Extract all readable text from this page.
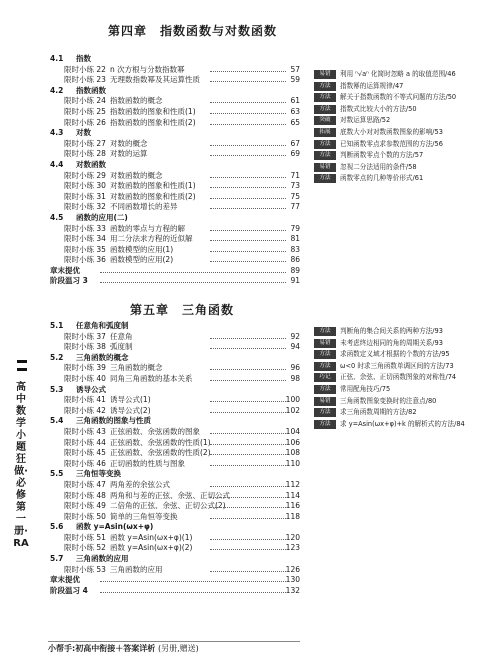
高中数学小题狂做·必修第一册·RA
第四章　指数函数与对数函数
4.1 指数
限时小练 22 n 次方根与分数指数幂	57
限时小练 23 无理数指数幂及其运算性质	59
4.2 指数函数
限时小练 24 指数函数的概念	61
限时小练 25 指数函数的图象和性质(1)	63
限时小练 26 指数函数的图象和性质(2)	65
4.3 对数
限时小练 27 对数的概念	67
限时小练 28 对数的运算	69
4.4 对数函数
限时小练 29 对数函数的概念	71
限时小练 30 对数函数的图象和性质(1)	73
限时小练 31 对数函数的图象和性质(2)	75
限时小练 32 不同函数增长的差异	77
4.5 函数的应用(二)
限时小练 33 函数的零点与方程的解	79
限时小练 34 用二分法求方程的近似解	81
限时小练 35 函数模型的应用(1)	83
限时小练 36 函数模型的应用(2)	86
章末提优	89
阶段温习 3	91
易错	利用 ⁿ√aⁿ 化简时忽略 a 的取值范围/46
方法	指数幂的运算规律/47
方法	解关于指数函数的不等式问题的方法/50
方法	指数式比较大小的方法/50
突破	对数运算思路/52
拓展	底数大小对对数函数图象的影响/53
方法	已知函数零点求参数范围的方法/56
方法	判断函数零点个数的方法/57
易错	忽视二分法适用的条件/58
方法	函数零点的几种等价形式/61
第五章　三角函数
5.1 任意角和弧度制
限时小练 37 任意角	92
限时小练 38 弧度制	94
5.2 三角函数的概念
限时小练 39 三角函数的概念	96
限时小练 40 同角三角函数的基本关系	98
5.3 诱导公式
限时小练 41 诱导公式(1)	100
限时小练 42 诱导公式(2)	102
5.4 三角函数的图象与性质
限时小练 43 正弦函数、余弦函数的图象	104
限时小练 44 正弦函数、余弦函数的性质(1)	106
限时小练 45 正弦函数、余弦函数的性质(2)	108
限时小练 46 正切函数的性质与图象	110
5.5 三角恒等变换
限时小练 47 两角差的余弦公式	112
限时小练 48 两角和与差的正弦、余弦、正切公式	114
限时小练 49 二倍角的正弦、余弦、正切公式(2)	116
限时小练 50 简单的三角恒等变换	118
5.6 函数 y=Asin(ωx+φ)
限时小练 51 函数 y=Asin(ωx+φ)(1)	120
限时小练 52 函数 y=Asin(ωx+φ)(2)	123
5.7 三角函数的应用
限时小练 53 三角函数的应用	126
章末提优	130
阶段温习 4	132
方法	判断角的集合间关系的两种方法/93
易错	未考虑终边相同的角的周期关系/93
方法	求函数定义域才根据的个数的方法/95
方法	ω<0 时求三角函数单调区间的方法/73
巧记	正弦、余弦、正切函数图象的对称性/74
方法	常用配角技巧/75
易错	三角函数图象变换时的注意点/80
方法	求三角函数周期的方法/82
方法	求 y=Asin(ωx+φ)+k 的解析式的方法/84
小帮手:初高中衔接＋答案详析 (另册,赠送)
